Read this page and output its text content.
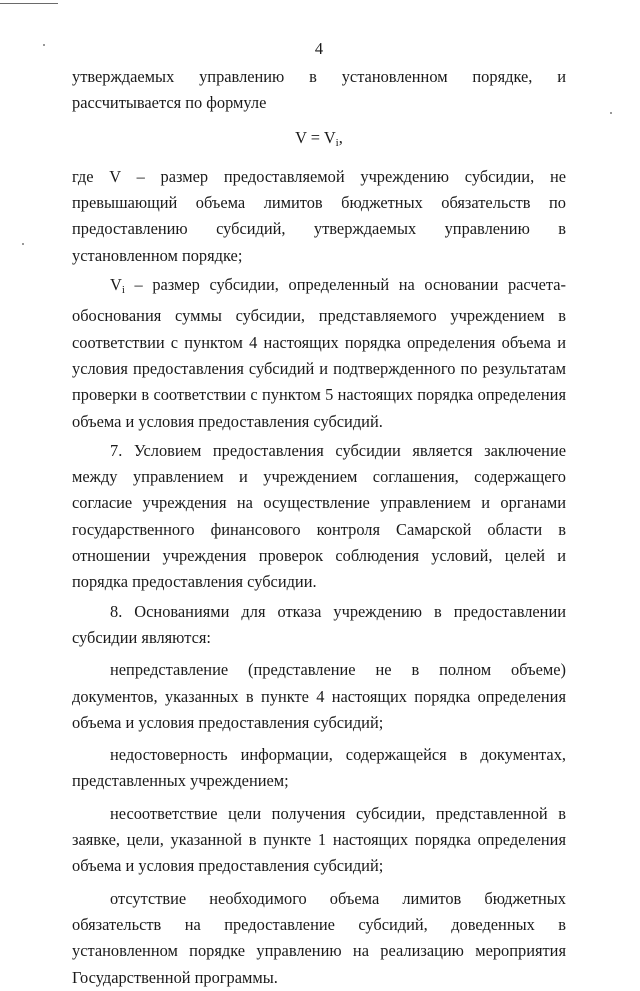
4

утверждаемых управлению в установленном порядке, и рассчитывается по формуле

$V = V_i$,

где V – размер предоставляемой учреждению субсидии, не превышающий объема лимитов бюджетных обязательств по предоставлению субсидий, утверждаемых управлению в установленном порядке;

$V_i$ – размер субсидии, определенный на основании расчета-обоснования суммы субсидии, представляемого учреждением в соответствии с пунктом 4 настоящих порядка определения объема и условия предоставления субсидий и подтвержденного по результатам проверки в соответствии с пунктом 5 настоящих порядка определения объема и условия предоставления субсидий.

7. Условием предоставления субсидии является заключение между управлением и учреждением соглашения, содержащего согласие учреждения на осуществление управлением и органами государственного финансового контроля Самарской области в отношении учреждения проверок соблюдения условий, целей и порядка предоставления субсидии.

8. Основаниями для отказа учреждению в предоставлении субсидии являются:

непредставление (представление не в полном объеме) документов, указанных в пункте 4 настоящих порядка определения объема и условия предоставления субсидий;

недостоверность информации, содержащейся в документах, представленных учреждением;

несоответствие цели получения субсидии, представленной в заявке, цели, указанной в пункте 1 настоящих порядка определения объема и условия предоставления субсидий;

отсутствие необходимого объема лимитов бюджетных обязательств на предоставление субсидий, доведенных в установленном порядке управлению на реализацию мероприятия Государственной программы.
